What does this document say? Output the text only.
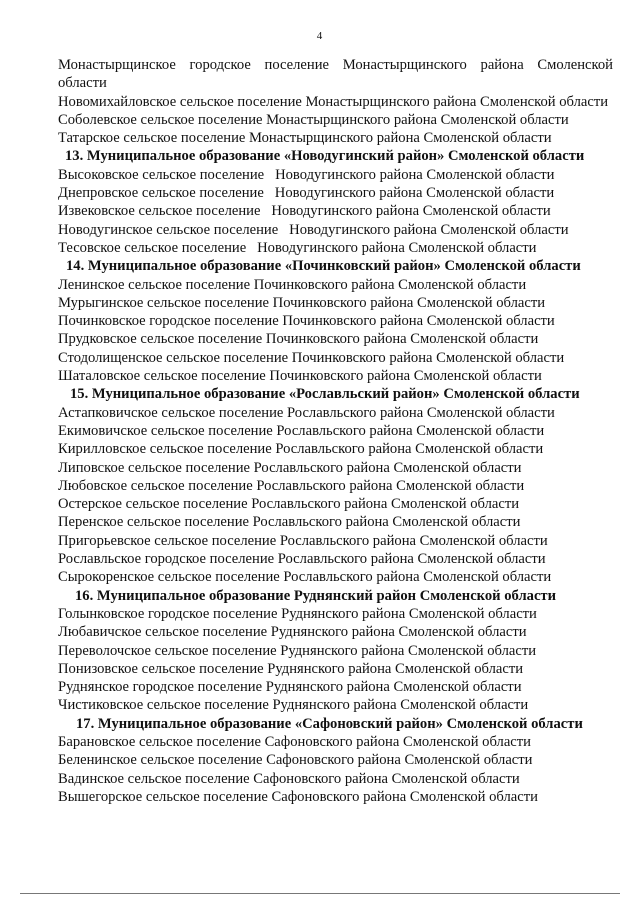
4

Монастырщинское городское поселение Монастырщинского района Смоленской области

Новомихайловское сельское поселение Монастырщинского района Смоленской области

Соболевское сельское поселение Монастырщинского района Смоленской области

Татарское сельское поселение Монастырщинского района Смоленской области

13. Муниципальное образование «Новодугинский район» Смоленской области

Высоковское сельское поселение   Новодугинского района Смоленской области

Днепровское сельское поселение   Новодугинского района Смоленской области

Извековское сельское поселение   Новодугинского района Смоленской области

Новодугинское сельское поселение   Новодугинского района Смоленской области

Тесовское сельское поселение   Новодугинского района Смоленской области

14. Муниципальное образование «Починковский район» Смоленской области

Ленинское сельское поселение Починковского района Смоленской области

Мурыгинское сельское поселение Починковского района Смоленской области

Починковское городское поселение Починковского района Смоленской области

Прудковское сельское поселение Починковского района Смоленской области

Стодолищенское сельское поселение Починковского района Смоленской области

Шаталовское сельское поселение Починковского района Смоленской области

15. Муниципальное образование «Рославльский район» Смоленской области

Астапковичское сельское поселение Рославльского района Смоленской области

Екимовичское сельское поселение Рославльского района Смоленской области

Кирилловское сельское поселение Рославльского района Смоленской области

Липовское сельское поселение Рославльского района Смоленской области

Любовское сельское поселение Рославльского района Смоленской области

Остерское сельское поселение Рославльского района Смоленской области

Перенское сельское поселение Рославльского района Смоленской области

Пригорьевское сельское поселение Рославльского района Смоленской области

Рославльское городское поселение Рославльского района Смоленской области

Сырокоренское сельское поселение Рославльского района Смоленской области

16. Муниципальное образование Руднянский район Смоленской области

Голынковское городское поселение Руднянского района Смоленской области

Любавичское сельское поселение Руднянского района Смоленской области

Переволочское сельское поселение Руднянского района Смоленской области

Понизовское сельское поселение Руднянского района Смоленской области

Руднянское городское поселение Руднянского района Смоленской области

Чистиковское сельское поселение Руднянского района Смоленской области

17. Муниципальное образование «Сафоновский район» Смоленской области

Барановское сельское поселение Сафоновского района Смоленской области

Беленинское сельское поселение Сафоновского района Смоленской области

Вадинское сельское поселение Сафоновского района Смоленской области

Вышегорское сельское поселение Сафоновского района Смоленской области
